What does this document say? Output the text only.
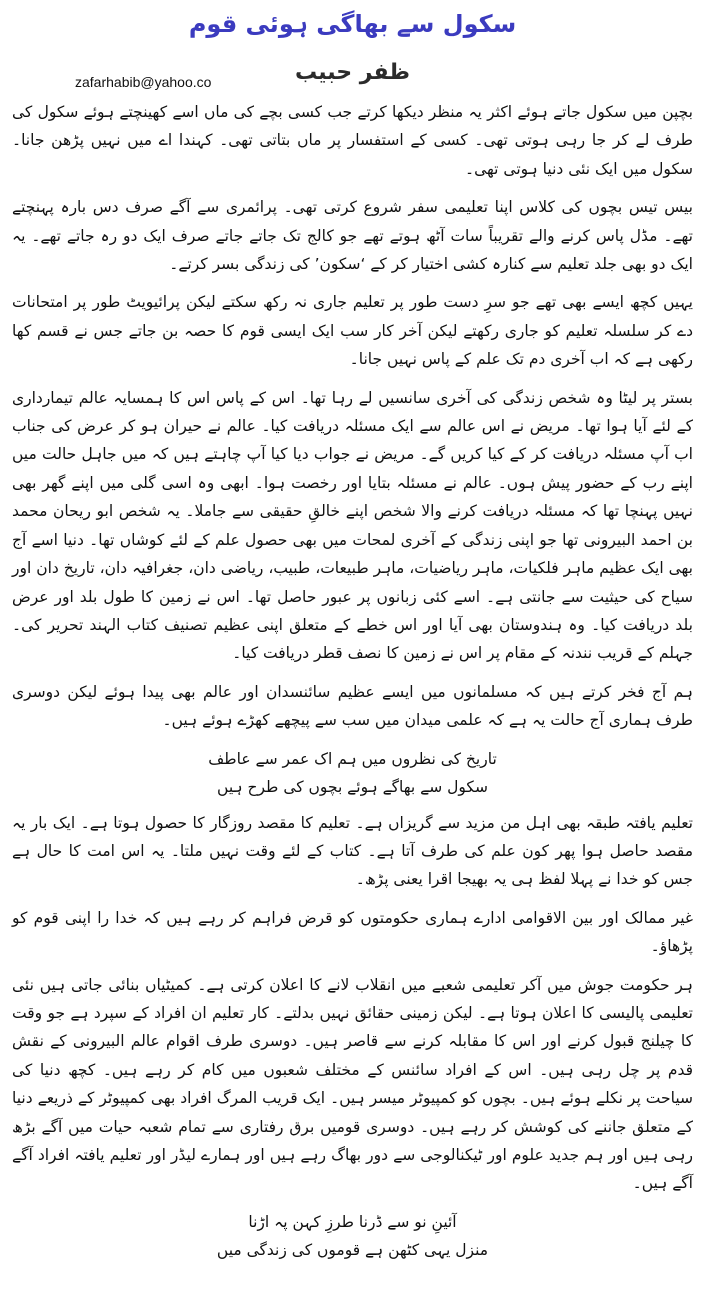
سکول سے بھاگی ہوئی قوم
ظفر حبیب
zafarhabib@yahoo.co

بچپن میں سکول جاتے ہوئے اکثر یہ منظر دیکھا کرتے جب کسی بچے کی ماں اسے کھینچتے ہوئے سکول کی طرف لے کر جا رہی ہوتی تھی۔ کسی کے استفسار پر ماں بتاتی تھی۔ کہندا اے میں نہیں پڑھن جانا۔ سکول میں ایک نئی دنیا ہوتی تھی۔

بیس تیس بچوں کی کلاس اپنا تعلیمی سفر شروع کرتی تھی۔ پرائمری سے آگے صرف دس بارہ پہنچتے تھے۔ مڈل پاس کرنے والے تقریباً سات آٹھ ہوتے تھے جو کالج تک جاتے جاتے صرف ایک دو رہ جاتے تھے۔ یہ ایک دو بھی جلد تعلیم سے کنارہ کشی اختیار کر کے ‘سکون’ کی زندگی بسر کرتے۔

یہیں کچھ ایسے بھی تھے جو سرِ دست طور پر تعلیم جاری نہ رکھ سکتے لیکن پرائیویٹ طور پر امتحانات دے کر سلسلہ تعلیم کو جاری رکھتے لیکن آخر کار سب ایک ایسی قوم کا حصہ بن جاتے جس نے قسم کھا رکھی ہے کہ اب آخری دم تک علم کے پاس نہیں جانا۔

بستر پر لیٹا وہ شخص زندگی کی آخری سانسیں لے رہا تھا۔ اس کے پاس اس کا ہمسایہ عالم تیمارداری کے لئے آیا ہوا تھا۔ مریض نے اس عالم سے ایک مسئلہ دریافت کیا۔ عالم نے حیران ہو کر عرض کی جناب اب آپ مسئلہ دریافت کر کے کیا کریں گے۔ مریض نے جواب دیا کیا آپ چاہتے ہیں کہ میں جاہل حالت میں اپنے رب کے حضور پیش ہوں۔ عالم نے مسئلہ بتایا اور رخصت ہوا۔ ابھی وہ اسی گلی میں اپنے گھر بھی نہیں پہنچا تھا کہ مسئلہ دریافت کرنے والا شخص اپنے خالقِ حقیقی سے جاملا۔ یہ شخص ابو ریحان محمد بن احمد البیرونی تھا جو اپنی زندگی کے آخری لمحات میں بھی حصول علم کے لئے کوشاں تھا۔ دنیا اسے آج بھی ایک عظیم ماہر فلکیات، ماہر ریاضیات، ماہر طبیعات، طبیب، ریاضی دان، جغرافیہ دان، تاریخ دان اور سیاح کی حیثیت سے جانتی ہے۔ اسے کئی زبانوں پر عبور حاصل تھا۔ اس نے زمین کا طول بلد اور عرض بلد دریافت کیا۔ وہ ہندوستان بھی آیا اور اس خطے کے متعلق اپنی عظیم تصنیف کتاب الہند تحریر کی۔ جہلم کے قریب نندنہ کے مقام پر اس نے زمین کا نصف قطر دریافت کیا۔

ہم آج فخر کرتے ہیں کہ مسلمانوں میں ایسے عظیم سائنسدان اور عالم بھی پیدا ہوئے لیکن دوسری طرف ہماری آج حالت یہ ہے کہ علمی میدان میں سب سے پیچھے کھڑے ہوئے ہیں۔

تاریخ کی نظروں میں ہم اک عمر سے عاطف
سکول سے بھاگے ہوئے بچوں کی طرح ہیں

تعلیم یافتہ طبقہ بھی اہل من مزید سے گریزاں ہے۔ تعلیم کا مقصد روزگار کا حصول ہوتا ہے۔ ایک بار یہ مقصد حاصل ہوا پھر کون علم کی طرف آتا ہے۔ کتاب کے لئے وقت نہیں ملتا۔ یہ اس امت کا حال ہے جس کو خدا نے پہلا لفظ ہی یہ بھیجا اقرا یعنی پڑھ۔

غیر ممالک اور بین الاقوامی ادارے ہماری حکومتوں کو قرض فراہم کر رہے ہیں کہ خدا را اپنی قوم کو پڑھاؤ۔

ہر حکومت جوش میں آکر تعلیمی شعبے میں انقلاب لانے کا اعلان کرتی ہے۔ کمیٹیاں بنائی جاتی ہیں نئی تعلیمی پالیسی کا اعلان ہوتا ہے۔ لیکن زمینی حقائق نہیں بدلتے۔ کار تعلیم ان افراد کے سپرد ہے جو وقت کا چیلنج قبول کرنے اور اس کا مقابلہ کرنے سے قاصر ہیں۔ دوسری طرف اقوام عالم البیرونی کے نقش قدم پر چل رہی ہیں۔ اس کے افراد سائنس کے مختلف شعبوں میں کام کر رہے ہیں۔ کچھ دنیا کی سیاحت پر نکلے ہوئے ہیں۔ بچوں کو کمپیوٹر میسر ہیں۔ ایک قریب المرگ افراد بھی کمپیوٹر کے ذریعے دنیا کے متعلق جاننے کی کوشش کر رہے ہیں۔ دوسری قومیں برق رفتاری سے تمام شعبہ حیات میں آگے بڑھ رہی ہیں اور ہم جدید علوم اور ٹیکنالوجی سے دور بھاگ رہے ہیں اور ہمارے لیڈر اور تعلیم یافتہ افراد آگے آگے ہیں۔

آئینِ نو سے ڈرنا طرزِ کہن پہ اڑنا
منزل یہی کٹھن ہے قوموں کی زندگی میں
